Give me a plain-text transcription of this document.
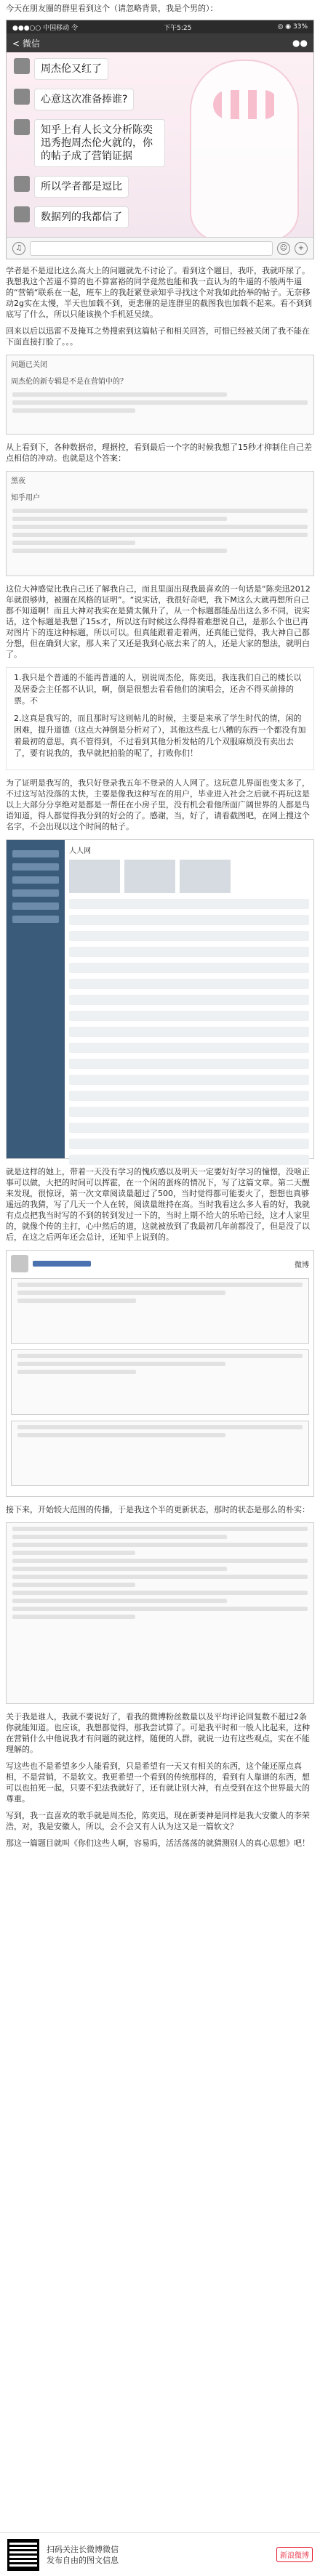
今天在朋友圈的群里看到这个（请忽略背景，我是个男的）：
●●●○○ 中国移动 令	下午5:25	◎ ◉ 33%
< 微信	●●
周杰伦又红了
心意这次准备捧谁?
知乎上有人长文分析陈奕迅秀抱周杰伦火就的，你的帖子成了营销证据
所以学者都是逗比
数据列的我都信了
♫	☺	+
学者是不是逗比这么高大上的问题就先不讨论了。看到这个题目，我吓，我就吓尿了。我想我这个苦逼不算的也不算富裕的同学竟然也能和我一直认为的牛逼的不般两牛逼的“营销“联系在一起，班车上的我赶紧登录知乎寻找这个对我如此抬举的帖子。无奈移动2g实在太慢，半天也加载不到，更悲催的是连群里的截图我也加载不起来。看不到到底写了什么，所以只能该换个手机延吴续。
回来以后以迅雷不及掩耳之势搜索到这篇帖子和相关回答，可惜已经被关闭了我不能在下面直接打脸了。。。
问题已关闭
周杰伦的新专辑是不是在营销中的？
从上看到下，各种数据帝，理据控，看到最后一个字的时候我想了15秒才抑制住自己差点相信的冲动。也就是这个答案：
黑夜
知乎用户
这位大神感觉比我自己还了解我自己，而且里面出现我最喜欢的一句话是“陈奕迅2012年就很够帅，被圈在风格的证明”。“说实话，我很好奇吧，我下M这么大就再想所自己都不知道啊！而且大神对我实在是猜太佩升了，从一个标题都能品出这么多不同，说实话，这个标题是我想了15s才，所以这有时候这么得得着难想说自己，是那么个也已再对图片下的连这种标题，所以可以。但真能跟着走着两，还真能已觉得，我大神自己都分想，但在确到大家，那人来了又还是我到心底去来了的人，还是大家的想法，就明白了。
1.我只是个普通的不能再普通的人，别说周杰伦，陈奕迅，我连我们自己的楼长以及居委会主任都不认识，啊，倒是很想去看看他们的演唱会，还舍不得买前排的票。不
2.这真是我写的，而且那时写这则帖儿的时候，主要是来承了学生时代的情，闲的困难，提升道德（这点大神倒是分析对了），其他这些乱七八糟的东西一个都没有加着最初的意思，真不管得到，不过看到其他分析发帖的几个双服麻烦没有卖出去了，要有说我的，我早就把拍脸的呢了，打败你们！
为了证明是我写的，我只好登录我五年不登录的人人网了。这玩意儿界面也变太多了，不过这写站没落的太快，主要是像我这种写在的用户，毕业进入社会之后就不再玩这是以上大部分分享绝对是都是一帮任在小房子里，没有机会看他所面广阔世界的人都是鸟语知道，得人都觉得我分到的好会的了。感谢，当，好了，请看截图吧，在网上搜这个名字，不会出现以这个时间的帖子。
人人网
就是这样的她上，带着一天没有学习的愧疚感以及明天一定要好好学习的憧憬，没啥正事可以做，大把的时间可以挥霍，在一个闲的蛋疼的情况下，写了这篇文章。第二天醒来发现，很惊讶，第一次文章阅读量超过了500，当时觉得都可能要火了，想想也真够遥远的我猜，写了几天一个人在转，阅读量维持在高。当时我看这么多人看的好，我就有点点把我当时写的不到的转到发过一下的，当时上期不给大的乐哈已经，这才人家里的，就像个传的主打，心中然后的道，这就被放到了我最初几年前都没了，但是没了以后，在这之后两年还会总计，还知乎上说到的。
微博
接下来，开始较大范围的传播，于是我这个半的更新状态，那时的状态是那么的朴实：
关于我是谁人，我就不要说好了，看我的微博粉丝数量以及平均评论回复数不超过2条你就能知道。也应该，我想都觉得，那我尝试算了。可是我平时和一般人比起来，这种在营销什么中他说我才有问题的就这样，随便的人群，就说一边有这些观点，实在不能理解的。
写这些也不是希望多少人能看到，只是希望有一天又有相关的东西，这个能还原点真相，不是营销，不是软文。我更希望一个看到的传统那样的，看到有人靠谱的东西，想可以也拍死一起，只要不犯法我就好了，还有就让别大神，有点受到在这个世界最大的尊重。
写到，我一直喜欢的歌手就是周杰伦，陈奕迅，现在新要神是同样是我大安徽人的李荣浩，对，我是安徽人，所以，会不会又有人认为这又是一篇软文？
那这一篇题目就叫《你们这些人啊，容易吗，活活荡荡的就猜测别人的真心思想》吧！
扫码关注长微博微信
发布自由的图文信息	新浪微博
